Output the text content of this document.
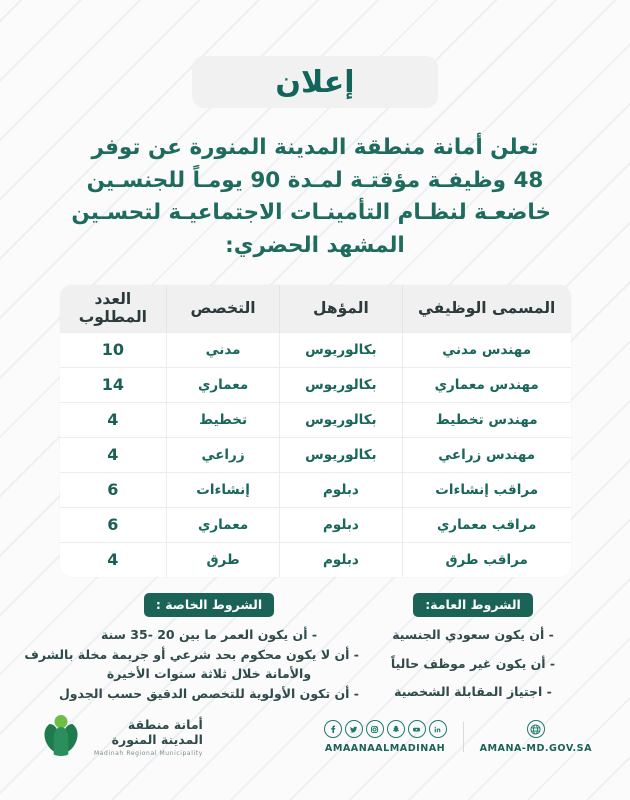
إعلان
تعلن أمانة منطقة المدينة المنورة عن توفر
48 وظيفـة مؤقتـة لمـدة 90 يومـاً للجنسـين
خاضعـة لنظـام التأمينـات الاجتماعيـة لتحسـين
المشهد الحضري:
المسمى الوظيفي	المؤهل	التخصص	العدد المطلوب
مهندس مدني	بكالوريوس	مدني	10
مهندس معماري	بكالوريوس	معماري	14
مهندس تخطيط	بكالوريوس	تخطيط	4
مهندس زراعي	بكالوريوس	زراعي	4
مراقب إنشاءات	دبلوم	إنشاءات	6
مراقب معماري	دبلوم	معماري	6
مراقب طرق	دبلوم	طرق	4
الشروط العامة:
- أن يكون سعودي الجنسية
- أن يكون غير موظف حالياً
- اجتياز المقابلة الشخصية
الشروط الخاصة :
- أن يكون العمر ما بين 20 -35 سنة
- أن لا يكون محكوم بحد شرعي أو جريمة مخلة بالشرف
والأمانة خلال ثلاثة سنوات الأخيرة
- أن تكون الأولوية للتخصص الدقيق حسب الجدول
AMAANAALMADINAH	AMANA-MD.GOV.SA
أمانة منطقة
المدينة المنورة
Madinah Regional Municipality
